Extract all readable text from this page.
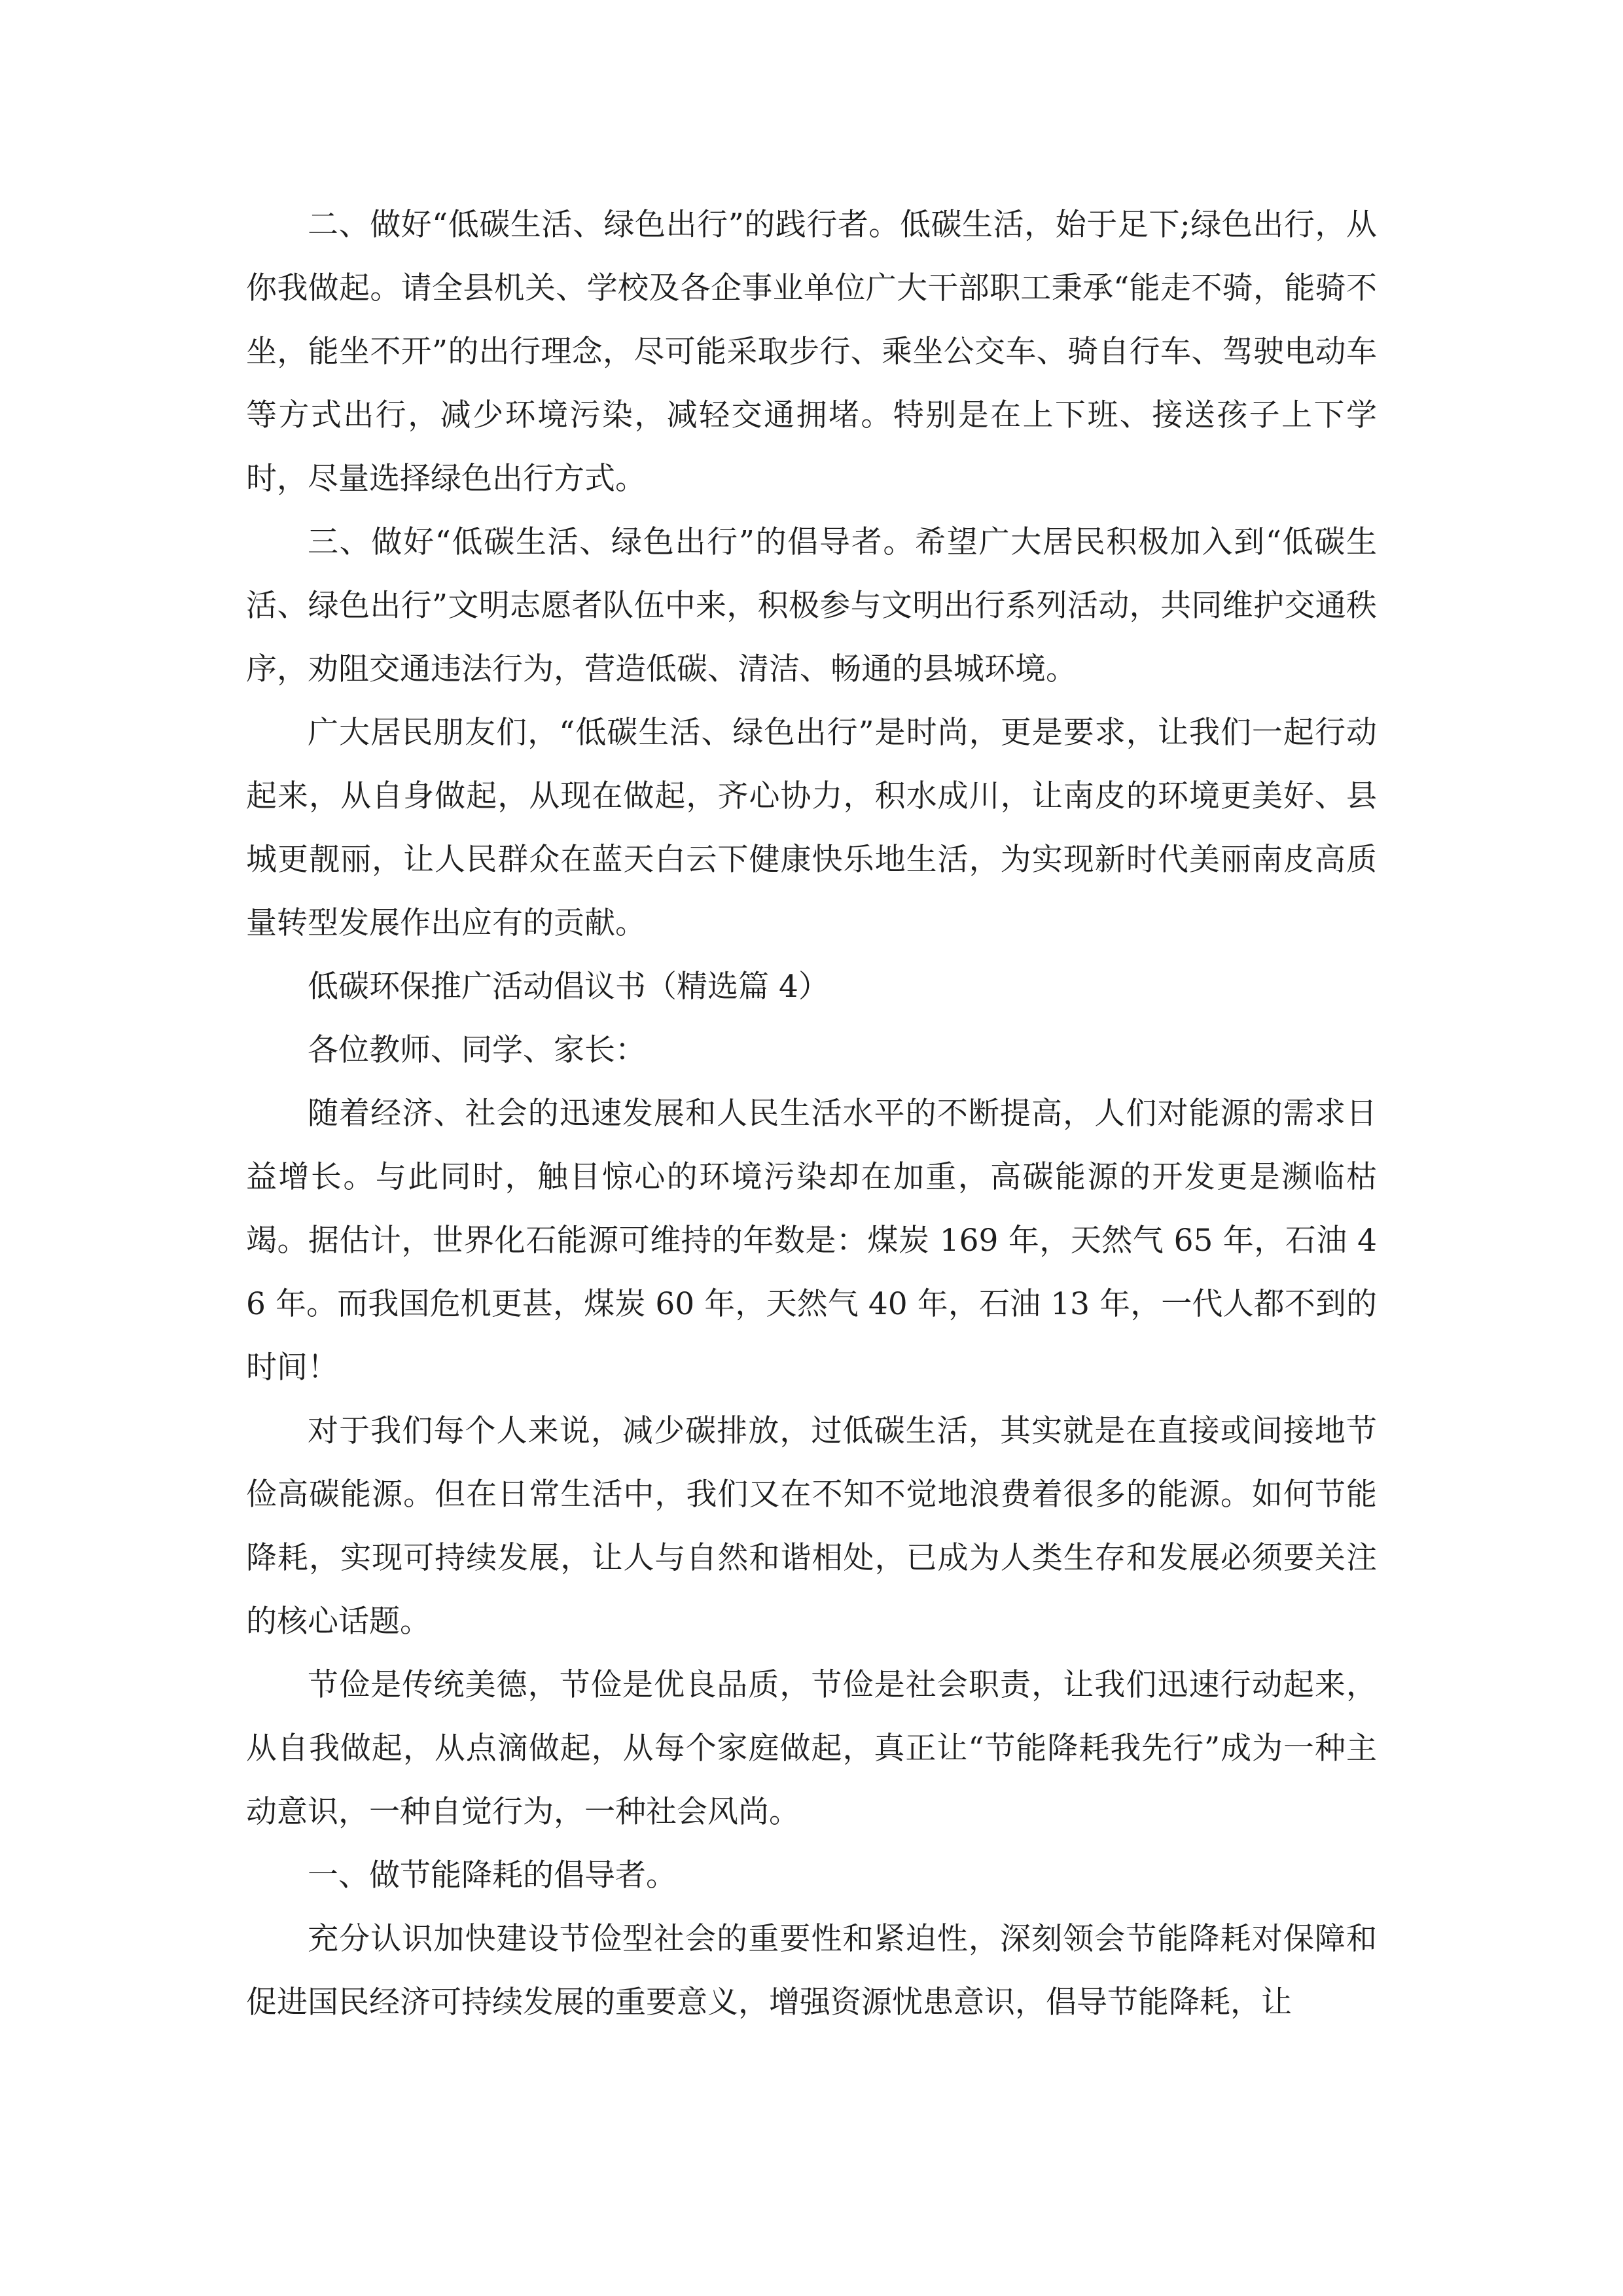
二、做好“低碳生活、绿色出行”的践行者。低碳生活，始于足下;绿色出行，从你我做起。请全县机关、学校及各企事业单位广大干部职工秉承“能走不骑，能骑不坐，能坐不开”的出行理念，尽可能采取步行、乘坐公交车、骑自行车、驾驶电动车等方式出行，减少环境污染，减轻交通拥堵。特别是在上下班、接送孩子上下学时，尽量选择绿色出行方式。

三、做好“低碳生活、绿色出行”的倡导者。希望广大居民积极加入到“低碳生活、绿色出行”文明志愿者队伍中来，积极参与文明出行系列活动，共同维护交通秩序，劝阻交通违法行为，营造低碳、清洁、畅通的县城环境。

广大居民朋友们，“低碳生活、绿色出行”是时尚，更是要求，让我们一起行动起来，从自身做起，从现在做起，齐心协力，积水成川，让南皮的环境更美好、县城更靓丽，让人民群众在蓝天白云下健康快乐地生活，为实现新时代美丽南皮高质量转型发展作出应有的贡献。

低碳环保推广活动倡议书（精选篇 4）

各位教师、同学、家长：

随着经济、社会的迅速发展和人民生活水平的不断提高，人们对能源的需求日益增长。与此同时，触目惊心的环境污染却在加重，高碳能源的开发更是濒临枯竭。据估计，世界化石能源可维持的年数是：煤炭 169 年，天然气 65 年，石油 46 年。而我国危机更甚，煤炭 60 年，天然气 40 年，石油 13 年，一代人都不到的时间！

对于我们每个人来说，减少碳排放，过低碳生活，其实就是在直接或间接地节俭高碳能源。但在日常生活中，我们又在不知不觉地浪费着很多的能源。如何节能降耗，实现可持续发展，让人与自然和谐相处，已成为人类生存和发展必须要关注的核心话题。

节俭是传统美德，节俭是优良品质，节俭是社会职责，让我们迅速行动起来，从自我做起，从点滴做起，从每个家庭做起，真正让“节能降耗我先行”成为一种主动意识，一种自觉行为，一种社会风尚。

一、做节能降耗的倡导者。

充分认识加快建设节俭型社会的重要性和紧迫性，深刻领会节能降耗对保障和促进国民经济可持续发展的重要意义，增强资源忧患意识，倡导节能降耗，让
